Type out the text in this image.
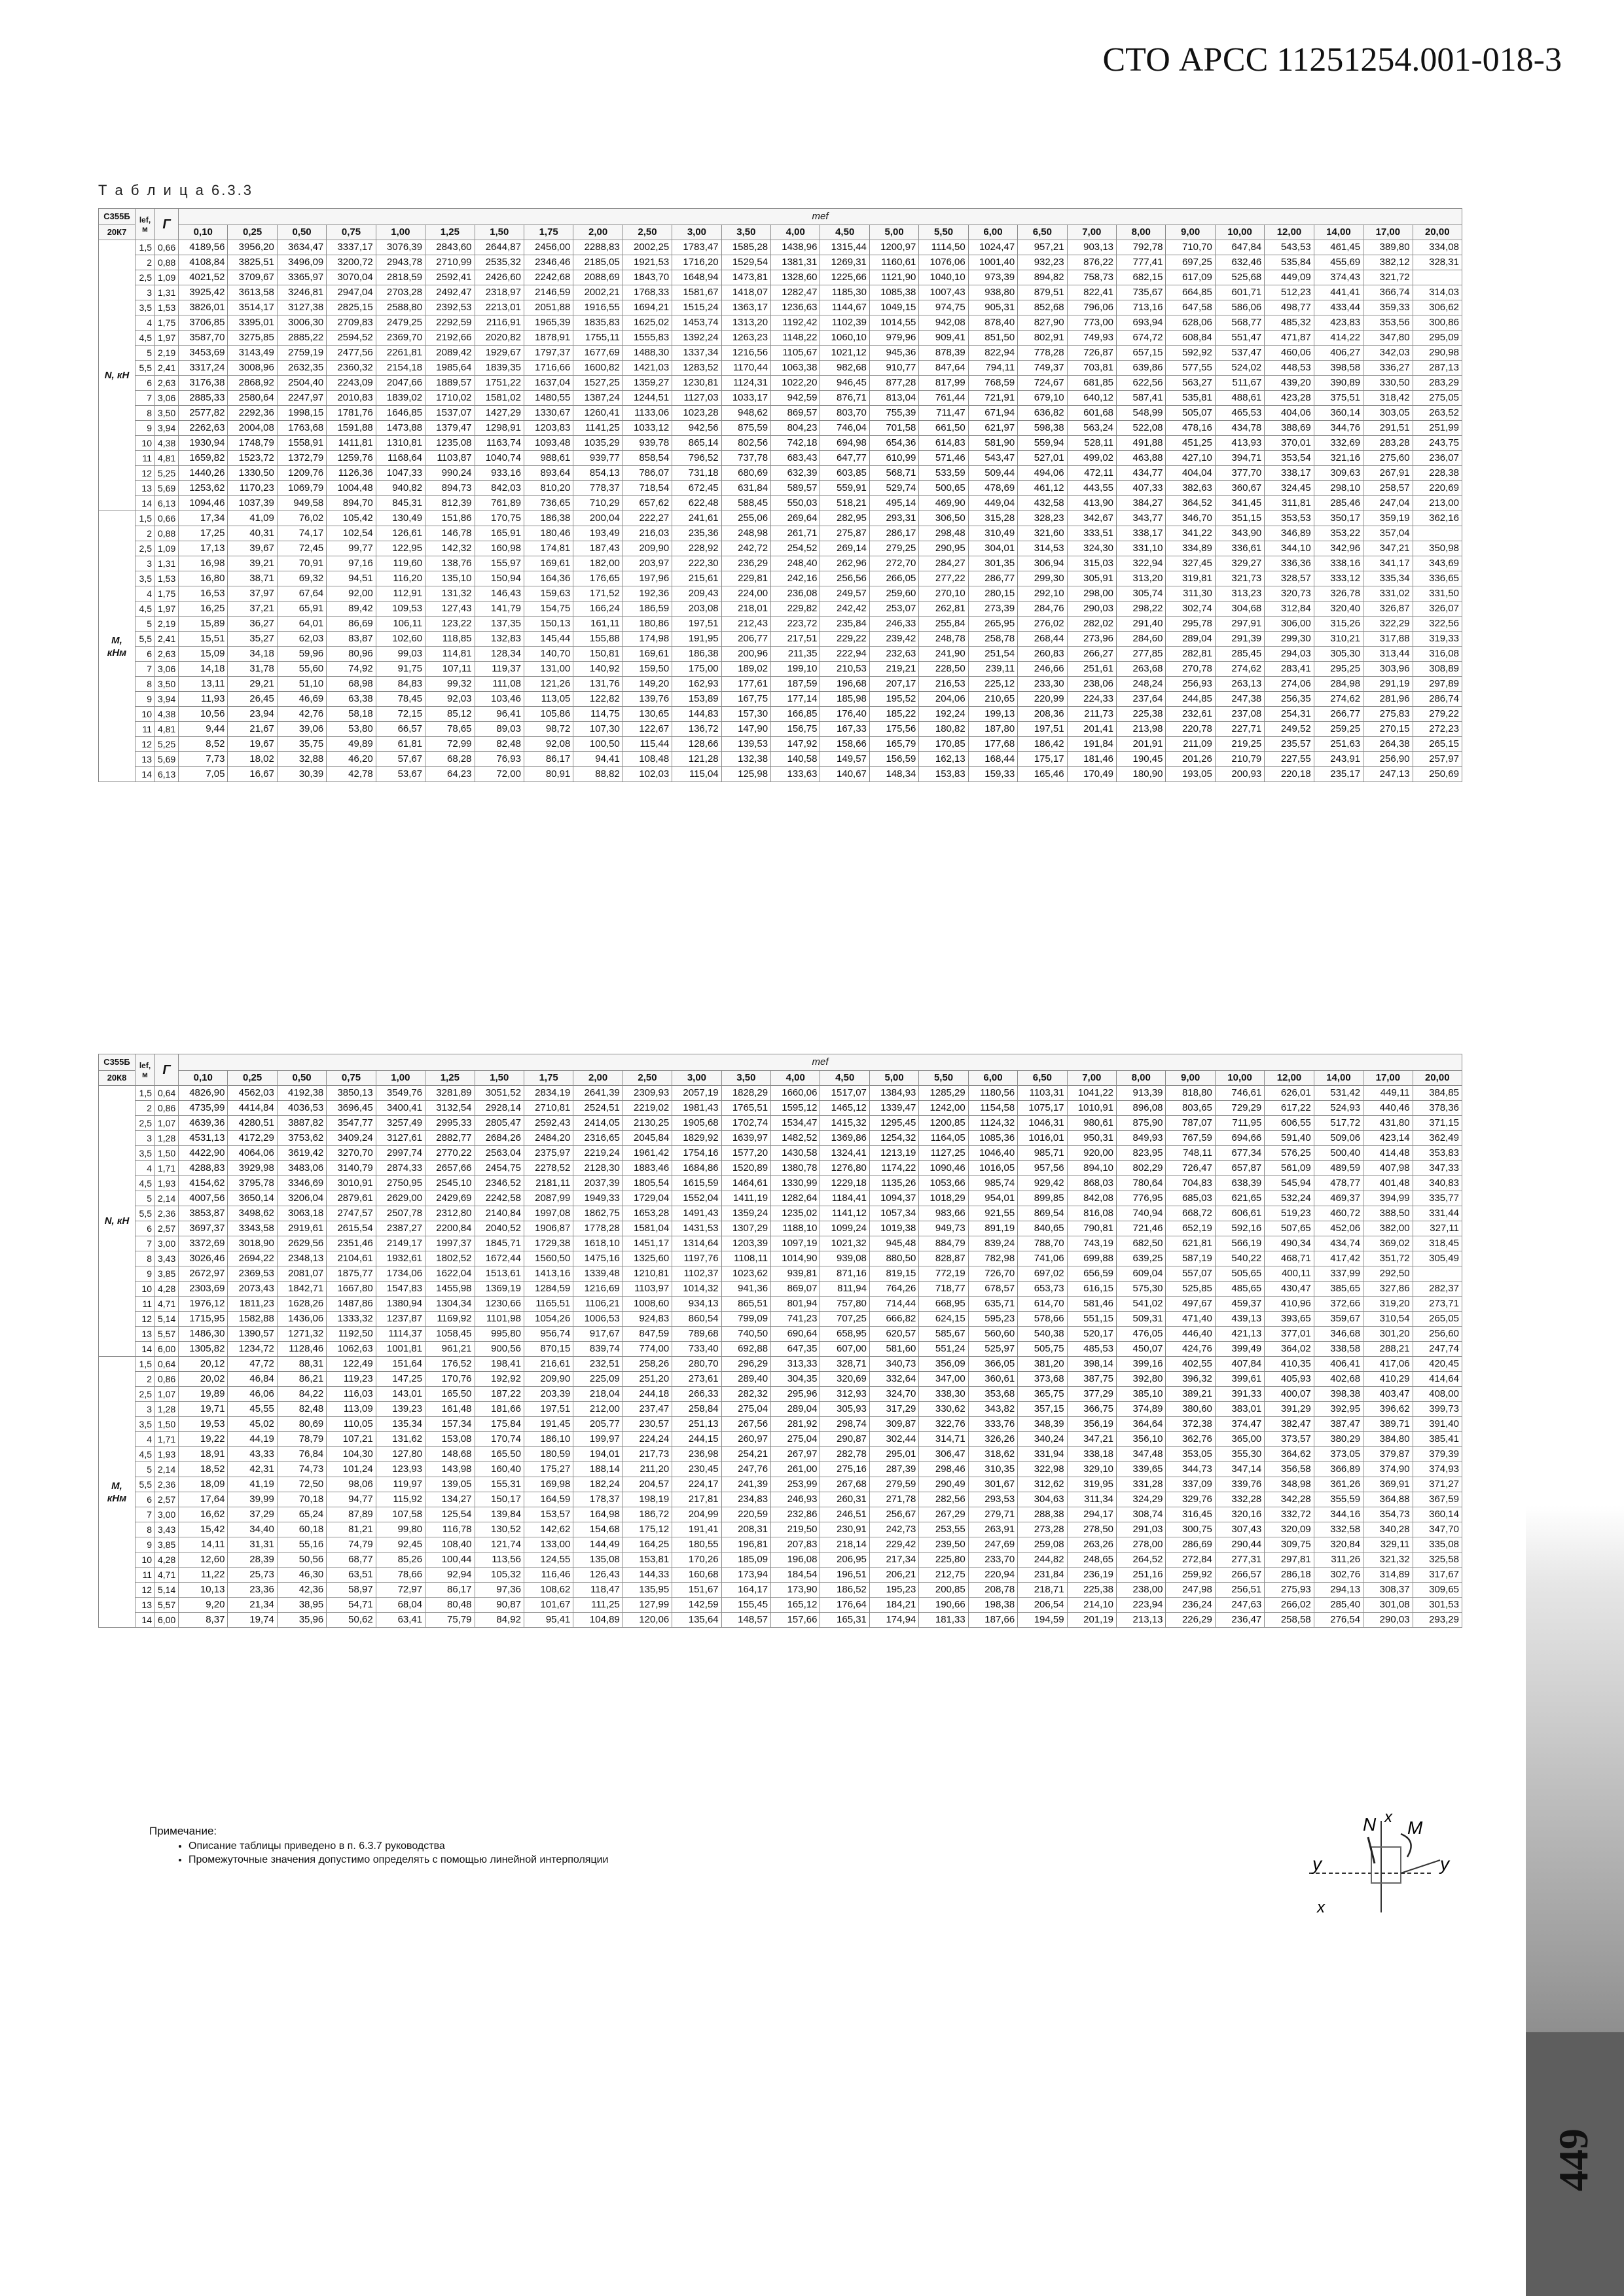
СТО АРСС 11251254.001-018-3
Т а б л и ц а 6.3.3
С355Б	lef, м	Г	mef																									
20К7			0,10	0,25	0,50	0,75	1,00	1,25	1,50	1,75	2,00	2,50	3,00	3,50	4,00	4,50	5,00	5,50	6,00	6,50	7,00	8,00	9,00	10,00	12,00	14,00	17,00	20,00
N, кН	1,5	0,66	4189,56	3956,20	3634,47	3337,17	3076,39	2843,60	2644,87	2456,00	2288,83	2002,25	1783,47	1585,28	1438,96	1315,44	1200,97	1114,50	1024,47	957,21	903,13	792,78	710,70	647,84	543,53	461,45	389,80	334,08
	2	0,88	4108,84	3825,51	3496,09	3200,72	2943,78	2710,99	2535,32	2346,46	2185,05	1921,53	1716,20	1529,54	1381,31	1269,31	1160,61	1076,06	1001,40	932,23	876,22	777,41	697,25	632,46	535,84	455,69	382,12	328,31
	2,5	1,09	4021,52	3709,67	3365,97	3070,04	2818,59	2592,41	2426,60	2242,68	2088,69	1843,70	1648,94	1473,81	1328,60	1225,66	1121,90	1040,10	973,39	894,82	758,73	682,15	617,09	525,68	449,09	374,43	321,72	
	3	1,31	3925,42	3613,58	3246,81	2947,04	2703,28	2492,47	2318,97	2146,59	2002,21	1768,33	1581,67	1418,07	1282,47	1185,30	1085,38	1007,43	938,80	879,51	822,41	735,67	664,85	601,71	512,23	441,41	366,74	314,03
	3,5	1,53	3826,01	3514,17	3127,38	2825,15	2588,80	2392,53	2213,01	2051,88	1916,55	1694,21	1515,24	1363,17	1236,63	1144,67	1049,15	974,75	905,31	852,68	796,06	713,16	647,58	586,06	498,77	433,44	359,33	306,62
	4	1,75	3706,85	3395,01	3006,30	2709,83	2479,25	2292,59	2116,91	1965,39	1835,83	1625,02	1453,74	1313,20	1192,42	1102,39	1014,55	942,08	878,40	827,90	773,00	693,94	628,06	568,77	485,32	423,83	353,56	300,86
	4,5	1,97	3587,70	3275,85	2885,22	2594,52	2369,70	2192,66	2020,82	1878,91	1755,11	1555,83	1392,24	1263,23	1148,22	1060,10	979,96	909,41	851,50	802,91	749,93	674,72	608,84	551,47	471,87	414,22	347,80	295,09
	5	2,19	3453,69	3143,49	2759,19	2477,56	2261,81	2089,42	1929,67	1797,37	1677,69	1488,30	1337,34	1216,56	1105,67	1021,12	945,36	878,39	822,94	778,28	726,87	657,15	592,92	537,47	460,06	406,27	342,03	290,98
	5,5	2,41	3317,24	3008,96	2632,35	2360,32	2154,18	1985,64	1839,35	1716,66	1600,82	1421,03	1283,52	1170,44	1063,38	982,68	910,77	847,64	794,11	749,37	703,81	639,86	577,55	524,02	448,53	398,58	336,27	287,13
	6	2,63	3176,38	2868,92	2504,40	2243,09	2047,66	1889,57	1751,22	1637,04	1527,25	1359,27	1230,81	1124,31	1022,20	946,45	877,28	817,99	768,59	724,67	681,85	622,56	563,27	511,67	439,20	390,89	330,50	283,29
	7	3,06	2885,33	2580,64	2247,97	2010,83	1839,02	1710,02	1581,02	1480,55	1387,24	1244,51	1127,03	1033,17	942,59	876,71	813,04	761,44	721,91	679,10	640,12	587,41	535,81	488,61	423,28	375,51	318,42	275,05
	8	3,50	2577,82	2292,36	1998,15	1781,76	1646,85	1537,07	1427,29	1330,67	1260,41	1133,06	1023,28	948,62	869,57	803,70	755,39	711,47	671,94	636,82	601,68	548,99	505,07	465,53	404,06	360,14	303,05	263,52
	9	3,94	2262,63	2004,08	1763,68	1591,88	1473,88	1379,47	1298,91	1203,83	1141,25	1033,12	942,56	875,59	804,23	746,04	701,58	661,50	621,97	598,38	563,24	522,08	478,16	434,78	388,69	344,76	291,51	251,99
	10	4,38	1930,94	1748,79	1558,91	1411,81	1310,81	1235,08	1163,74	1093,48	1035,29	939,78	865,14	802,56	742,18	694,98	654,36	614,83	581,90	559,94	528,11	491,88	451,25	413,93	370,01	332,69	283,28	243,75
	11	4,81	1659,82	1523,72	1372,79	1259,76	1168,64	1103,87	1040,74	988,61	939,77	858,54	796,52	737,78	683,43	647,77	610,99	571,46	543,47	527,01	499,02	463,88	427,10	394,71	353,54	321,16	275,60	236,07
	12	5,25	1440,26	1330,50	1209,76	1126,36	1047,33	990,24	933,16	893,64	854,13	786,07	731,18	680,69	632,39	603,85	568,71	533,59	509,44	494,06	472,11	434,77	404,04	377,70	338,17	309,63	267,91	228,38
	13	5,69	1253,62	1170,23	1069,79	1004,48	940,82	894,73	842,03	810,20	778,37	718,54	672,45	631,84	589,57	559,91	529,74	500,65	478,69	461,12	443,55	407,33	382,63	360,67	324,45	298,10	258,57	220,69
	14	6,13	1094,46	1037,39	949,58	894,70	845,31	812,39	761,89	736,65	710,29	657,62	622,48	588,45	550,03	518,21	495,14	469,90	449,04	432,58	413,90	384,27	364,52	341,45	311,81	285,46	247,04	213,00
M, кНм	1,5	0,66	17,34	41,09	76,02	105,42	130,49	151,86	170,75	186,38	200,04	222,27	241,61	255,06	269,64	282,95	293,31	306,50	315,28	328,23	342,67	343,77	346,70	351,15	353,53	350,17	359,19	362,16
	2	0,88	17,25	40,31	74,17	102,54	126,61	146,78	165,91	180,46	193,49	216,03	235,36	248,98	261,71	275,87	286,17	298,48	310,49	321,60	333,51	338,17	341,22	343,90	346,89	353,22	357,04	
	2,5	1,09	17,13	39,67	72,45	99,77	122,95	142,32	160,98	174,81	187,43	209,90	228,92	242,72	254,52	269,14	279,25	290,95	304,01	314,53	324,30	331,10	334,89	336,61	344,10	342,96	347,21	350,98
	3	1,31	16,98	39,21	70,91	97,16	119,60	138,76	155,97	169,61	182,00	203,97	222,30	236,29	248,40	262,96	272,70	284,27	301,35	306,94	315,03	322,94	327,45	329,27	336,36	338,16	341,17	343,69
	3,5	1,53	16,80	38,71	69,32	94,51	116,20	135,10	150,94	164,36	176,65	197,96	215,61	229,81	242,16	256,56	266,05	277,22	286,77	299,30	305,91	313,20	319,81	321,73	328,57	333,12	335,34	336,65
	4	1,75	16,53	37,97	67,64	92,00	112,91	131,32	146,43	159,63	171,52	192,36	209,43	224,00	236,08	249,57	259,60	270,10	280,15	292,10	298,00	305,74	311,30	313,23	320,73	326,78	331,02	331,50
	4,5	1,97	16,25	37,21	65,91	89,42	109,53	127,43	141,79	154,75	166,24	186,59	203,08	218,01	229,82	242,42	253,07	262,81	273,39	284,76	290,03	298,22	302,74	304,68	312,84	320,40	326,87	326,07
	5	2,19	15,89	36,27	64,01	86,69	106,11	123,22	137,35	150,13	161,11	180,86	197,51	212,43	223,72	235,84	246,33	255,84	265,95	276,02	282,02	291,40	295,78	297,91	306,00	315,26	322,29	322,56
	5,5	2,41	15,51	35,27	62,03	83,87	102,60	118,85	132,83	145,44	155,88	174,98	191,95	206,77	217,51	229,22	239,42	248,78	258,78	268,44	273,96	284,60	289,04	291,39	299,30	310,21	317,88	319,33
	6	2,63	15,09	34,18	59,96	80,96	99,03	114,81	128,34	140,70	150,81	169,61	186,38	200,96	211,35	222,94	232,63	241,90	251,54	260,83	266,27	277,85	282,81	285,45	294,03	305,30	313,44	316,08
	7	3,06	14,18	31,78	55,60	74,92	91,75	107,11	119,37	131,00	140,92	159,50	175,00	189,02	199,10	210,53	219,21	228,50	239,11	246,66	251,61	263,68	270,78	274,62	283,41	295,25	303,96	308,89
	8	3,50	13,11	29,21	51,10	68,98	84,83	99,32	111,08	121,26	131,76	149,20	162,93	177,61	187,59	196,68	207,17	216,53	225,12	233,30	238,06	248,24	256,93	263,13	274,06	284,98	291,19	297,89
	9	3,94	11,93	26,45	46,69	63,38	78,45	92,03	103,46	113,05	122,82	139,76	153,89	167,75	177,14	185,98	195,52	204,06	210,65	220,99	224,33	237,64	244,85	247,38	256,35	274,62	281,96	286,74
	10	4,38	10,56	23,94	42,76	58,18	72,15	85,12	96,41	105,86	114,75	130,65	144,83	157,30	166,85	176,40	185,22	192,24	199,13	208,36	211,73	225,38	232,61	237,08	254,31	266,77	275,83	279,22
	11	4,81	9,44	21,67	39,06	53,80	66,57	78,65	89,03	98,72	107,30	122,67	136,72	147,90	156,75	167,33	175,56	180,82	187,80	197,51	201,41	213,98	220,78	227,71	249,52	259,25	270,15	272,23
	12	5,25	8,52	19,67	35,75	49,89	61,81	72,99	82,48	92,08	100,50	115,44	128,66	139,53	147,92	158,66	165,79	170,85	177,68	186,42	191,84	201,91	211,09	219,25	235,57	251,63	264,38	265,15
	13	5,69	7,73	18,02	32,88	46,20	57,67	68,28	76,93	86,17	94,41	108,48	121,28	132,38	140,58	149,57	156,59	162,13	168,44	175,17	181,46	190,45	201,26	210,79	227,55	243,91	256,90	257,97
	14	6,13	7,05	16,67	30,39	42,78	53,67	64,23	72,00	80,91	88,82	102,03	115,04	125,98	133,63	140,67	148,34	153,83	159,33	165,46	170,49	180,90	193,05	200,93	220,18	235,17	247,13	250,69
С355Б	lef, м	Г	mef																									
20К8			0,10	0,25	0,50	0,75	1,00	1,25	1,50	1,75	2,00	2,50	3,00	3,50	4,00	4,50	5,00	5,50	6,00	6,50	7,00	8,00	9,00	10,00	12,00	14,00	17,00	20,00
N, кН	1,5	0,64	4826,90	4562,03	4192,38	3850,13	3549,76	3281,89	3051,52	2834,19	2641,39	2309,93	2057,19	1828,29	1660,06	1517,07	1384,93	1285,29	1180,56	1103,31	1041,22	913,39	818,80	746,61	626,01	531,42	449,11	384,85
	2	0,86	4735,99	4414,84	4036,53	3696,45	3400,41	3132,54	2928,14	2710,81	2524,51	2219,02	1981,43	1765,51	1595,12	1465,12	1339,47	1242,00	1154,58	1075,17	1010,91	896,08	803,65	729,29	617,22	524,93	440,46	378,36
	2,5	1,07	4639,36	4280,51	3887,82	3547,77	3257,49	2995,33	2805,47	2592,43	2414,05	2130,25	1905,68	1702,74	1534,47	1415,32	1295,45	1200,85	1124,32	1046,31	980,61	875,90	787,07	711,95	606,55	517,72	431,80	371,15
	3	1,28	4531,13	4172,29	3753,62	3409,24	3127,61	2882,77	2684,26	2484,20	2316,65	2045,84	1829,92	1639,97	1482,52	1369,86	1254,32	1164,05	1085,36	1016,01	950,31	849,93	767,59	694,66	591,40	509,06	423,14	362,49
	3,5	1,50	4422,90	4064,06	3619,42	3270,70	2997,74	2770,22	2563,04	2375,97	2219,24	1961,42	1754,16	1577,20	1430,58	1324,41	1213,19	1127,25	1046,40	985,71	920,00	823,95	748,11	677,34	576,25	500,40	414,48	353,83
	4	1,71	4288,83	3929,98	3483,06	3140,79	2874,33	2657,66	2454,75	2278,52	2128,30	1883,46	1684,86	1520,89	1380,78	1276,80	1174,22	1090,46	1016,05	957,56	894,10	802,29	726,47	657,87	561,09	489,59	407,98	347,33
	4,5	1,93	4154,62	3795,78	3346,69	3010,91	2750,95	2545,10	2346,52	2181,11	2037,39	1805,54	1615,59	1464,61	1330,99	1229,18	1135,26	1053,66	985,74	929,42	868,03	780,64	704,83	638,39	545,94	478,77	401,48	340,83
	5	2,14	4007,56	3650,14	3206,04	2879,61	2629,00	2429,69	2242,58	2087,99	1949,33	1729,04	1552,04	1411,19	1282,64	1184,41	1094,37	1018,29	954,01	899,85	842,08	776,95	685,03	621,65	532,24	469,37	394,99	335,77
	5,5	2,36	3853,87	3498,62	3063,18	2747,57	2507,78	2312,80	2140,84	1997,08	1862,75	1653,28	1491,43	1359,24	1235,02	1141,12	1057,34	983,66	921,55	869,54	816,08	740,94	668,72	606,61	519,23	460,72	388,50	331,44
	6	2,57	3697,37	3343,58	2919,61	2615,54	2387,27	2200,84	2040,52	1906,87	1778,28	1581,04	1431,53	1307,29	1188,10	1099,24	1019,38	949,73	891,19	840,65	790,81	721,46	652,19	592,16	507,65	452,06	382,00	327,11
	7	3,00	3372,69	3018,90	2629,56	2351,46	2149,17	1997,37	1845,71	1729,38	1618,10	1451,17	1314,64	1203,39	1097,19	1021,32	945,48	884,79	839,24	788,70	743,19	682,50	621,81	566,19	490,34	434,74	369,02	318,45
	8	3,43	3026,46	2694,22	2348,13	2104,61	1932,61	1802,52	1672,44	1560,50	1475,16	1325,60	1197,76	1108,11	1014,90	939,08	880,50	828,87	782,98	741,06	699,88	639,25	587,19	540,22	468,71	417,42	351,72	305,49
	9	3,85	2672,97	2369,53	2081,07	1875,77	1734,06	1622,04	1513,61	1413,16	1339,48	1210,81	1102,37	1023,62	939,81	871,16	819,15	772,19	726,70	697,02	656,59	609,04	557,07	505,65	400,11	337,99	292,50	
	10	4,28	2303,69	2073,43	1842,71	1667,80	1547,83	1455,98	1369,19	1284,59	1216,69	1103,97	1014,32	941,36	869,07	811,94	764,26	718,77	678,57	653,73	616,15	575,30	525,85	485,65	430,47	385,65	327,86	282,37
	11	4,71	1976,12	1811,23	1628,26	1487,86	1380,94	1304,34	1230,66	1165,51	1106,21	1008,60	934,13	865,51	801,94	757,80	714,44	668,95	635,71	614,70	581,46	541,02	497,67	459,37	410,96	372,66	319,20	273,71
	12	5,14	1715,95	1582,88	1436,06	1333,32	1237,87	1169,92	1101,98	1054,26	1006,53	924,83	860,54	799,09	741,23	707,25	666,82	624,15	595,23	578,66	551,15	509,31	471,40	439,13	393,65	359,67	310,54	265,05
	13	5,57	1486,30	1390,57	1271,32	1192,50	1114,37	1058,45	995,80	956,74	917,67	847,59	789,68	740,50	690,64	658,95	620,57	585,67	560,60	540,38	520,17	476,05	446,40	421,13	377,01	346,68	301,20	256,60
	14	6,00	1305,82	1234,72	1128,46	1062,63	1001,81	961,21	900,56	870,15	839,74	774,00	733,40	692,88	647,35	607,00	581,60	551,24	525,97	505,75	485,53	450,07	424,76	399,49	364,02	338,58	288,21	247,74
M, кНм	1,5	0,64	20,12	47,72	88,31	122,49	151,64	176,52	198,41	216,61	232,51	258,26	280,70	296,29	313,33	328,71	340,73	356,09	366,05	381,20	398,14	399,16	402,55	407,84	410,35	406,41	417,06	420,45
	2	0,86	20,02	46,84	86,21	119,23	147,25	170,76	192,92	209,90	225,09	251,20	273,61	289,40	304,35	320,69	332,64	347,00	360,61	373,68	387,75	392,80	396,32	399,61	405,93	402,68	410,29	414,64
	2,5	1,07	19,89	46,06	84,22	116,03	143,01	165,50	187,22	203,39	218,04	244,18	266,33	282,32	295,96	312,93	324,70	338,30	353,68	365,75	377,29	385,10	389,21	391,33	400,07	398,38	403,47	408,00
	3	1,28	19,71	45,55	82,48	113,09	139,23	161,48	181,66	197,51	212,00	237,47	258,84	275,04	289,04	305,93	317,29	330,62	343,82	357,15	366,75	374,89	380,60	383,01	391,29	392,95	396,62	399,73
	3,5	1,50	19,53	45,02	80,69	110,05	135,34	157,34	175,84	191,45	205,77	230,57	251,13	267,56	281,92	298,74	309,87	322,76	333,76	348,39	356,19	364,64	372,38	374,47	382,47	387,47	389,71	391,40
	4	1,71	19,22	44,19	78,79	107,21	131,62	153,08	170,74	186,10	199,97	224,24	244,15	260,97	275,04	290,87	302,44	314,71	326,26	340,24	347,21	356,10	362,76	365,00	373,57	380,29	384,80	385,41
	4,5	1,93	18,91	43,33	76,84	104,30	127,80	148,68	165,50	180,59	194,01	217,73	236,98	254,21	267,97	282,78	295,01	306,47	318,62	331,94	338,18	347,48	353,05	355,30	364,62	373,05	379,87	379,39
	5	2,14	18,52	42,31	74,73	101,24	123,93	143,98	160,40	175,27	188,14	211,20	230,45	247,76	261,00	275,16	287,39	298,46	310,35	322,98	329,10	339,65	344,73	347,14	356,58	366,89	374,90	374,93
	5,5	2,36	18,09	41,19	72,50	98,06	119,97	139,05	155,31	169,98	182,24	204,57	224,17	241,39	253,99	267,68	279,59	290,49	301,67	312,62	319,95	331,28	337,09	339,76	348,98	361,26	369,91	371,27
	6	2,57	17,64	39,99	70,18	94,77	115,92	134,27	150,17	164,59	178,37	198,19	217,81	234,83	246,93	260,31	271,78	282,56	293,53	304,63	311,34	324,29	329,76	332,28	342,28	355,59	364,88	367,59
	7	3,00	16,62	37,29	65,24	87,89	107,58	125,54	139,84	153,57	164,98	186,72	204,99	220,59	232,86	246,51	256,67	267,29	279,71	288,38	294,17	308,74	316,45	320,16	332,72	344,16	354,73	360,14
	8	3,43	15,42	34,40	60,18	81,21	99,80	116,78	130,52	142,62	154,68	175,12	191,41	208,31	219,50	230,91	242,73	253,55	263,91	273,28	278,50	291,03	300,75	307,43	320,09	332,58	340,28	347,70
	9	3,85	14,11	31,31	55,16	74,79	92,45	108,40	121,74	133,00	144,49	164,25	180,55	196,81	207,83	218,14	229,42	239,50	247,69	259,08	263,26	278,00	286,69	290,44	309,75	320,84	329,11	335,08
	10	4,28	12,60	28,39	50,56	68,77	85,26	100,44	113,56	124,55	135,08	153,81	170,26	185,09	196,08	206,95	217,34	225,80	233,70	244,82	248,65	264,52	272,84	277,31	297,81	311,26	321,32	325,58
	11	4,71	11,22	25,73	46,30	63,51	78,66	92,94	105,32	116,46	126,43	144,33	160,68	173,94	184,54	196,51	206,21	212,75	220,94	231,84	236,19	251,16	259,92	266,57	286,18	302,76	314,89	317,67
	12	5,14	10,13	23,36	42,36	58,97	72,97	86,17	97,36	108,62	118,47	135,95	151,67	164,17	173,90	186,52	195,23	200,85	208,78	218,71	225,38	238,00	247,98	256,51	275,93	294,13	308,37	309,65
	13	5,57	9,20	21,34	38,95	54,71	68,04	80,48	90,87	101,67	111,25	127,99	142,59	155,45	165,12	176,64	184,21	190,66	198,38	206,54	214,10	223,94	236,24	247,63	266,02	285,40	301,08	301,53
	14	6,00	8,37	19,74	35,96	50,62	63,41	75,79	84,92	95,41	104,89	120,06	135,64	148,57	157,66	165,31	174,94	181,33	187,66	194,59	201,19	213,13	226,29	236,47	258,58	276,54	290,03	293,29
Примечание:
• Описание таблицы приведено в п. 6.3.7 руководства
• Промежуточные значения допустимо определять с помощью линейной интерполяции
N x
M
y	y
x
449
